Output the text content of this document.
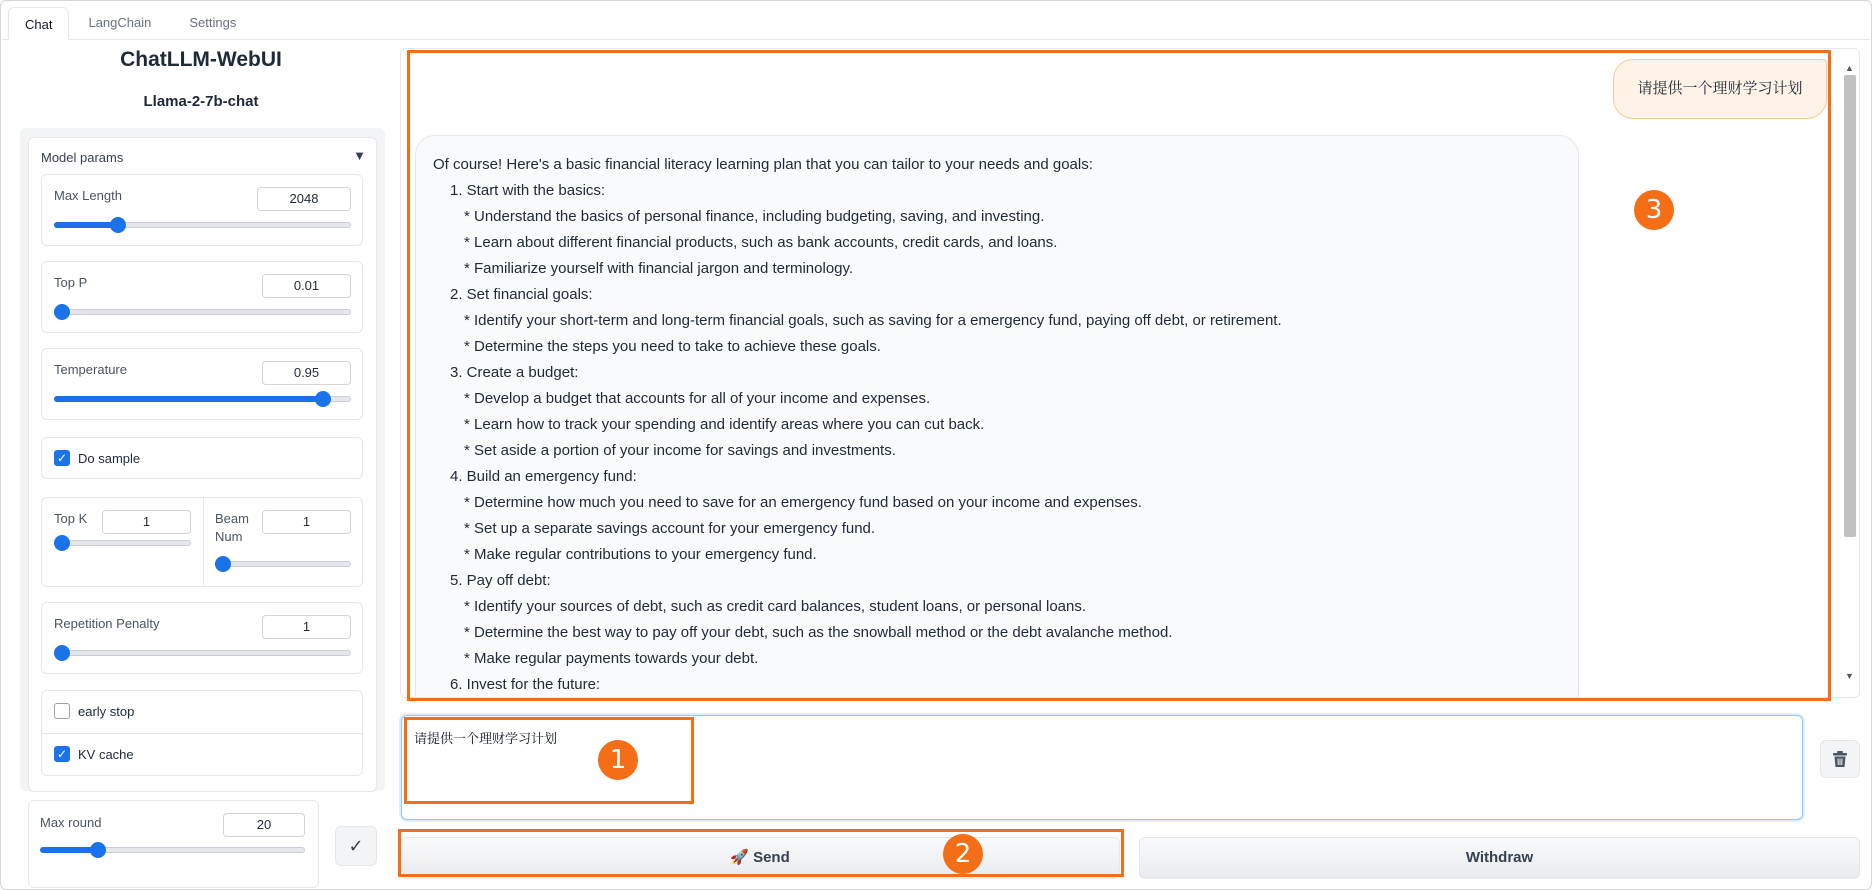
Chat	LangChain	Settings
ChatLLM-WebUI
Llama-2-7b-chat
Model params	▼
Max Length	2048
Top P	0.01
Temperature	0.95
✓ Do sample
Top K	1	Beam
Num
1
Repetition Penalty	1
early stop
✓ KV cache
Max round	20
✓
请提供一个理财学习计划
Of course! Here's a basic financial literacy learning plan that you can tailor to your needs and goals:
1. Start with the basics:
* Understand the basics of personal finance, including budgeting, saving, and investing.
* Learn about different financial products, such as bank accounts, credit cards, and loans.
* Familiarize yourself with financial jargon and terminology.
2. Set financial goals:
* Identify your short-term and long-term financial goals, such as saving for a emergency fund, paying off debt, or retirement.
* Determine the steps you need to take to achieve these goals.
3. Create a budget:
* Develop a budget that accounts for all of your income and expenses.
* Learn how to track your spending and identify areas where you can cut back.
* Set aside a portion of your income for savings and investments.
4. Build an emergency fund:
* Determine how much you need to save for an emergency fund based on your income and expenses.
* Set up a separate savings account for your emergency fund.
* Make regular contributions to your emergency fund.
5. Pay off debt:
* Identify your sources of debt, such as credit card balances, student loans, or personal loans.
* Determine the best way to pay off your debt, such as the snowball method or the debt avalanche method.
* Make regular payments towards your debt.
6. Invest for the future:
▲
▼
请提供一个理财学习计划
🚀 Send	Withdraw
1
2
3
